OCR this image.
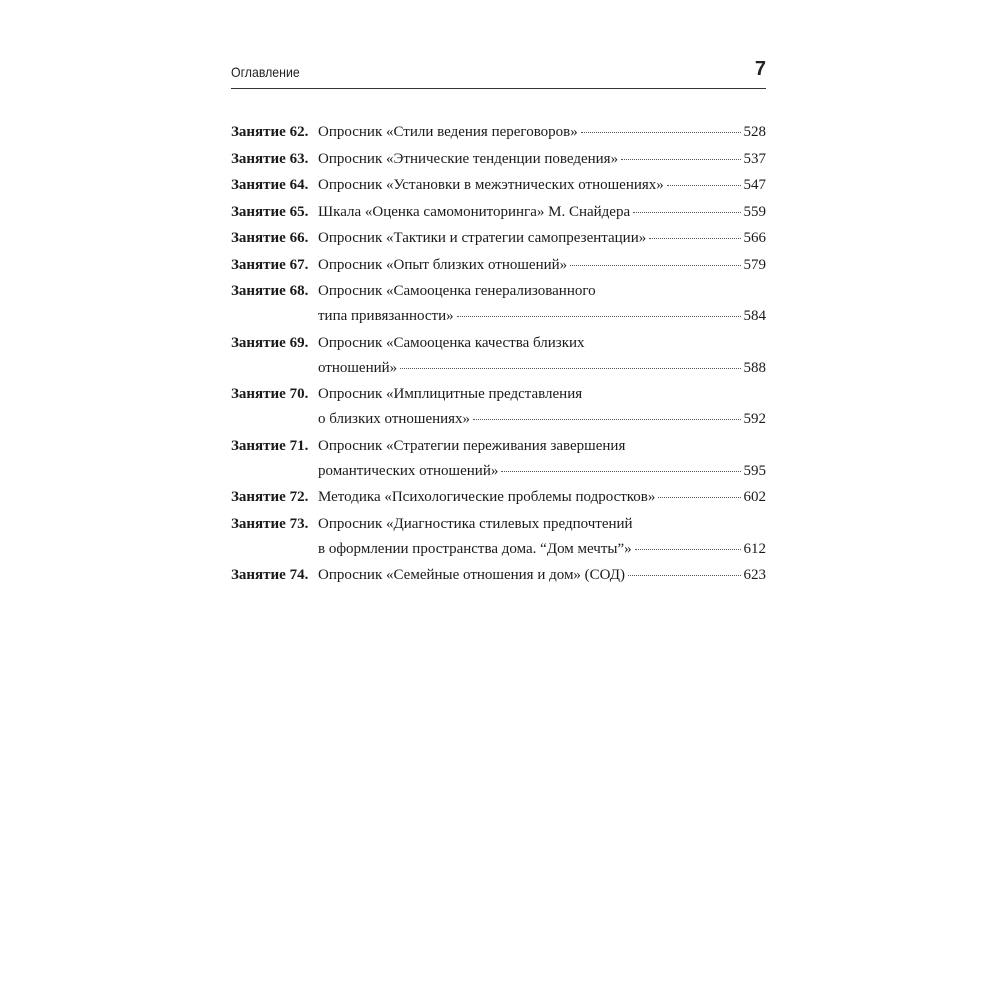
Оглавление	7
Занятие 62. Опросник «Стили ведения переговоров»	528
Занятие 63. Опросник «Этнические тенденции поведения»	537
Занятие 64. Опросник «Установки в межэтнических отношениях»	547
Занятие 65. Шкала «Оценка самомониторинга» М. Снайдера	559
Занятие 66. Опросник «Тактики и стратегии самопрезентации»	566
Занятие 67. Опросник «Опыт близких отношений»	579
Занятие 68. Опросник «Самооценка генерализованного
типа привязанности»	584
Занятие 69. Опросник «Самооценка качества близких
отношений»	588
Занятие 70. Опросник «Имплицитные представления
о близких отношениях»	592
Занятие 71. Опросник «Стратегии переживания завершения
романтических отношений»	595
Занятие 72. Методика «Психологические проблемы подростков»	602
Занятие 73. Опросник «Диагностика стилевых предпочтений
в оформлении пространства дома. “Дом мечты”»	612
Занятие 74. Опросник «Семейные отношения и дом» (СОД)	623
